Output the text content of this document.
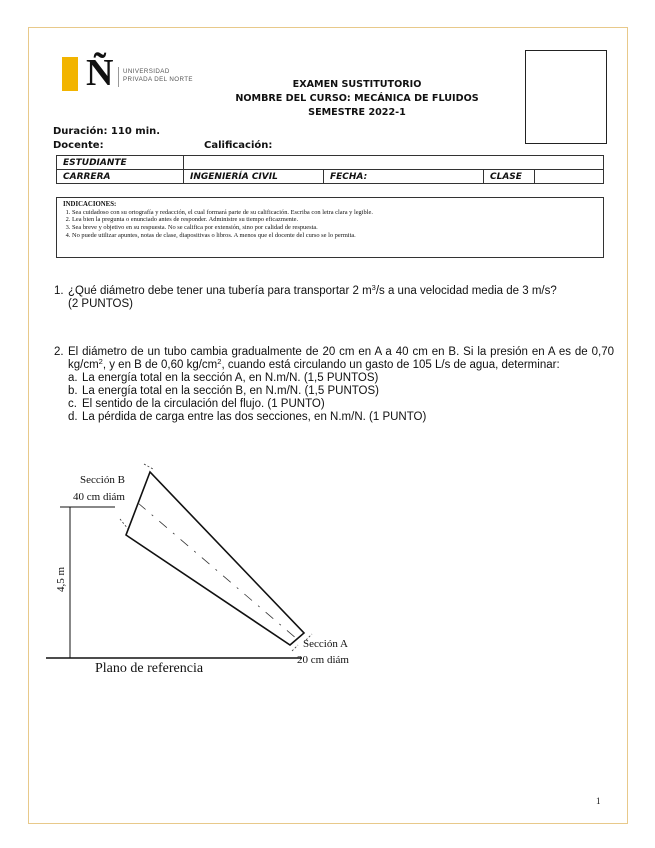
Ñ UNIVERSIDAD
PRIVADA DEL NORTE	EXAMEN SUSTITUTORIO
NOMBRE DEL CURSO: MECÁNICA DE FLUIDOS
SEMESTRE 2022-1
Duración: 110 min.
Docente:	Calificación:
ESTUDIANTE				
CARRERA	INGENIERÍA CIVIL	FECHA:	CLASE	
INDICACIONES:
1. Sea cuidadoso con su ortografía y redacción, el cual formará parte de su calificación. Escriba con letra clara y legible.
2. Lea bien la pregunta o enunciado antes de responder. Administre su tiempo eficazmente.
3. Sea breve y objetivo en su respuesta. No se califica por extensión, sino por calidad de respuesta.
4. No puede utilizar apuntes, notas de clase, diapositivas o libros. A menos que el docente del curso se lo permita.
1. ¿Qué diámetro debe tener una tubería para transportar 2 $m^3/s$ a una velocidad media de 3 m/s?
(2 PUNTOS)
2. El diámetro de un tubo cambia gradualmente de 20 cm en A a 40 cm en B. Si la presión en A es de 0,70 $kg/cm^2$, y en B de 0,60 $kg/cm^2$, cuando está circulando un gasto de 105 L/s de agua, determinar:
a. La energía total en la sección A, en N.m/N. (1,5 PUNTOS)
b. La energía total en la sección B, en N.m/N. (1,5 PUNTOS)
c. El sentido de la circulación del flujo. (1 PUNTO)
d. La pérdida de carga entre las dos secciones, en N.m/N. (1 PUNTO)
Sección B
40 cm diám
Sección A
20 cm diám
4,5 m
Plano de referencia
1
